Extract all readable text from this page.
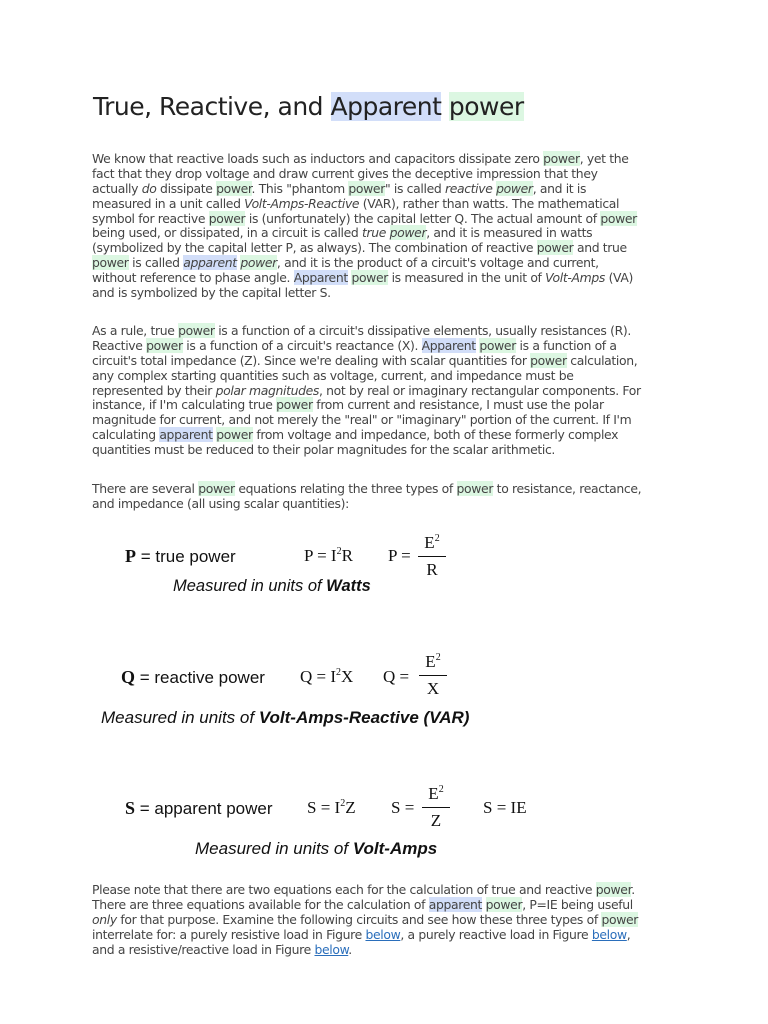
True, Reactive, and Apparent power
We know that reactive loads such as inductors and capacitors dissipate zero power, yet the
fact that they drop voltage and draw current gives the deceptive impression that they
actually do dissipate power. This "phantom power" is called reactive power, and it is
measured in a unit called Volt-Amps-Reactive (VAR), rather than watts. The mathematical
symbol for reactive power is (unfortunately) the capital letter Q. The actual amount of power
being used, or dissipated, in a circuit is called true power, and it is measured in watts
(symbolized by the capital letter P, as always). The combination of reactive power and true
power is called apparent power, and it is the product of a circuit's voltage and current,
without reference to phase angle. Apparent power is measured in the unit of Volt-Amps (VA)
and is symbolized by the capital letter S.
As a rule, true power is a function of a circuit's dissipative elements, usually resistances (R).
Reactive power is a function of a circuit's reactance (X). Apparent power is a function of a
circuit's total impedance (Z). Since we're dealing with scalar quantities for power calculation,
any complex starting quantities such as voltage, current, and impedance must be
represented by their polar magnitudes, not by real or imaginary rectangular components. For
instance, if I'm calculating true power from current and resistance, I must use the polar
magnitude for current, and not merely the "real" or "imaginary" portion of the current. If I'm
calculating apparent power from voltage and impedance, both of these formerly complex
quantities must be reduced to their polar magnitudes for the scalar arithmetic.
There are several power equations relating the three types of power to resistance, reactance,
and impedance (all using scalar quantities):
Please note that there are two equations each for the calculation of true and reactive power.
There are three equations available for the calculation of apparent power, P=IE being useful
only for that purpose. Examine the following circuits and see how these three types of power
interrelate for: a purely resistive load in Figure below, a purely reactive load in Figure below,
and a resistive/reactive load in Figure below.
P = true power	$P = I^2R$ $P = \frac{E^2}{R}$
Measured in units of Watts
Q = reactive power $Q = I^2X$ $Q = \frac{E^2}{X}$
Measured in units of Volt-Amps-Reactive (VAR)
S = apparent power $S = I^2Z$ $S = \frac{E^2}{Z}$ S = IE
Measured in units of Volt-Amps
